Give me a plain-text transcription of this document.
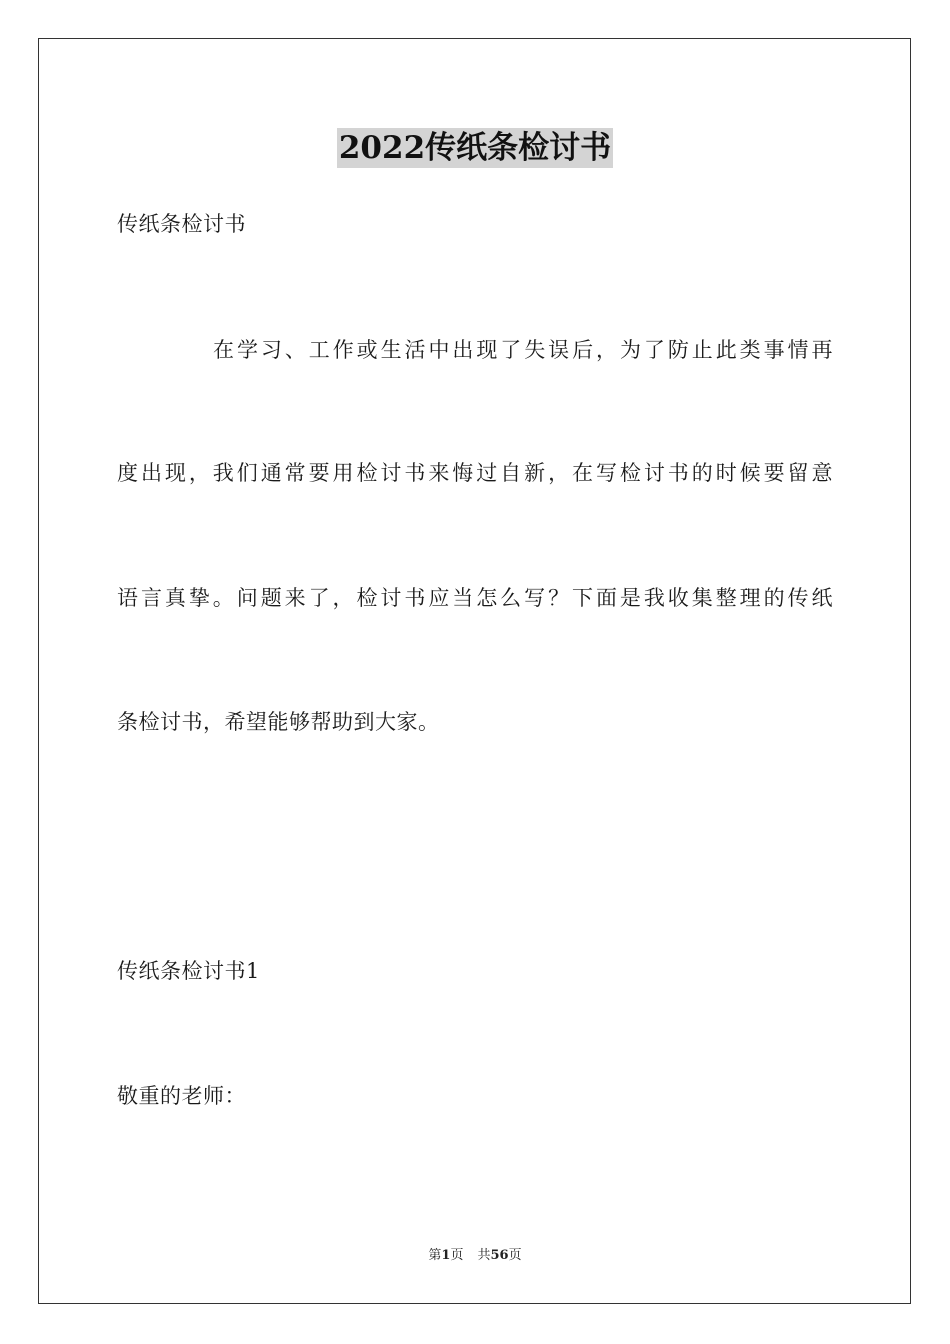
2022传纸条检讨书
传纸条检讨书
在学习、工作或生活中出现了失误后，为了防止此类事情再
度出现，我们通常要用检讨书来悔过自新，在写检讨书的时候要留意
语言真挚。问题来了，检讨书应当怎么写？下面是我收集整理的传纸
条检讨书，希望能够帮助到大家。
传纸条检讨书1
敬重的老师：
第1页 共56页
